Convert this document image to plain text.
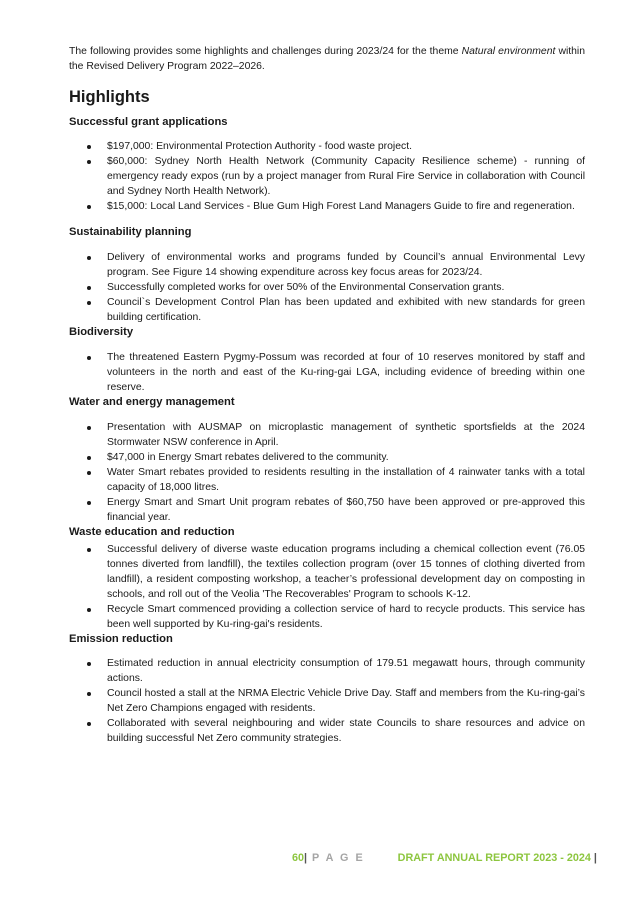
The following provides some highlights and challenges during 2023/24 for the theme Natural environment within the Revised Delivery Program 2022–2026.

Highlights
Successful grant applications
$197,000: Environmental Protection Authority - food waste project.
$60,000: Sydney North Health Network (Community Capacity Resilience scheme) - running of emergency ready expos (run by a project manager from Rural Fire Service in collaboration with Council and Sydney North Health Network).
$15,000: Local Land Services - Blue Gum High Forest Land Managers Guide to fire and regeneration.
Sustainability planning
Delivery of environmental works and programs funded by Council’s annual Environmental Levy program. See Figure 14 showing expenditure across key focus areas for 2023/24.
Successfully completed works for over 50% of the Environmental Conservation grants.
Council`s Development Control Plan has been updated and exhibited with new standards for green building certification.
Biodiversity
The threatened Eastern Pygmy-Possum was recorded at four of 10 reserves monitored by staff and volunteers in the north and east of the Ku-ring-gai LGA, including evidence of breeding within one reserve.
Water and energy management
Presentation with AUSMAP on microplastic management of synthetic sportsfields at the 2024 Stormwater NSW conference in April.
$47,000 in Energy Smart rebates delivered to the community.
Water Smart rebates provided to residents resulting in the installation of 4 rainwater tanks with a total capacity of 18,000 litres.
Energy Smart and Smart Unit program rebates of $60,750 have been approved or pre-approved this financial year.
Waste education and reduction
Successful delivery of diverse waste education programs including a chemical collection event (76.05 tonnes diverted from landfill), the textiles collection program (over 15 tonnes of clothing diverted from landfill), a resident composting workshop, a teacher’s professional development day on composting in schools, and roll out of the Veolia 'The Recoverables' Program to schools K-12.
Recycle Smart commenced providing a collection service of hard to recycle products. This service has been well supported by Ku-ring-gai's residents.
Emission reduction
Estimated reduction in annual electricity consumption of 179.51 megawatt hours, through community actions.
Council hosted a stall at the NRMA Electric Vehicle Drive Day. Staff and members from the Ku-ring-gai’s Net Zero Champions engaged with residents.
Collaborated with several neighbouring and wider state Councils to share resources and advice on building successful Net Zero community strategies.
60| P A G E	DRAFT ANNUAL REPORT 2023 - 2024 |
